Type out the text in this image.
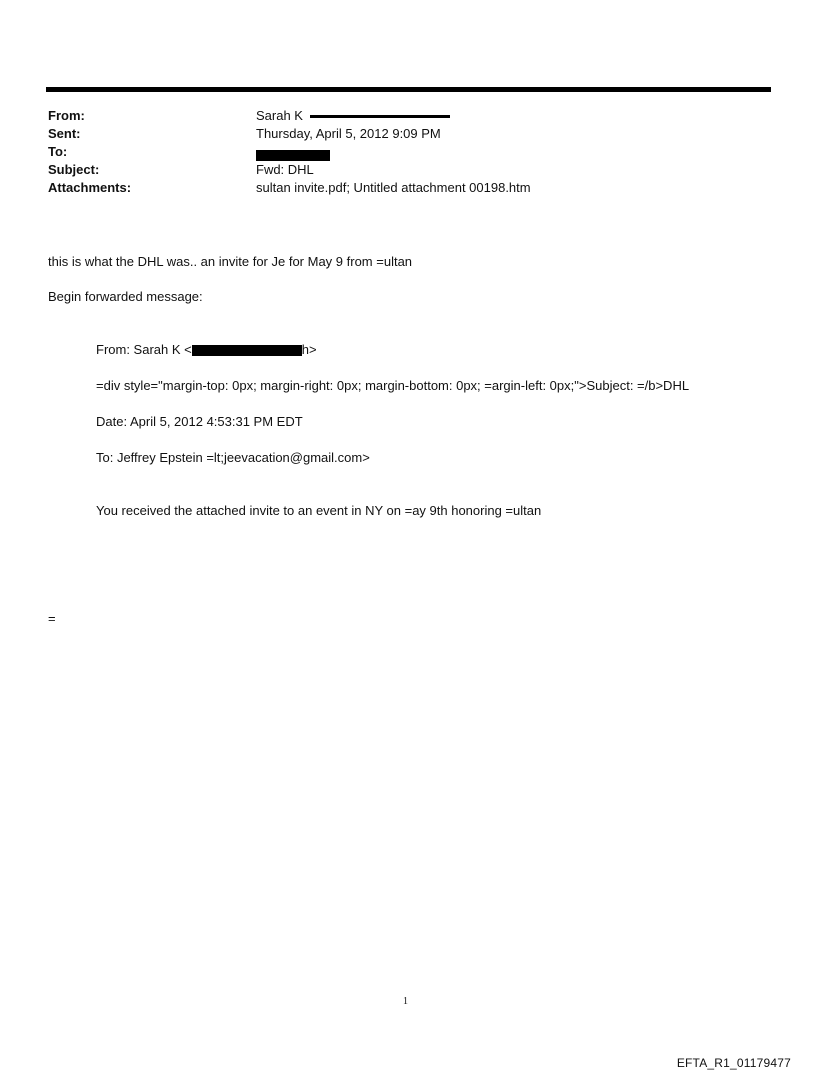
From:	Sarah K
Sent:	Thursday, April 5, 2012 9:09 PM
To:
Subject:	Fwd: DHL
Attachments:	sultan invite.pdf; Untitled attachment 00198.htm
this is what the DHL was.. an invite for Je for May 9 from =ultan
Begin forwarded message:
From: Sarah K <	h>
=div style="margin-top: 0px; margin-right: 0px; margin-bottom: 0px; =argin-left: 0px;">Subject: =/b>DHL
Date: April 5, 2012 4:53:31 PM EDT
To: Jeffrey Epstein =lt;jeevacation@gmail.com>
You received the attached invite to an event in NY on =ay 9th honoring =ultan
=
1
EFTA_R1_01179477
